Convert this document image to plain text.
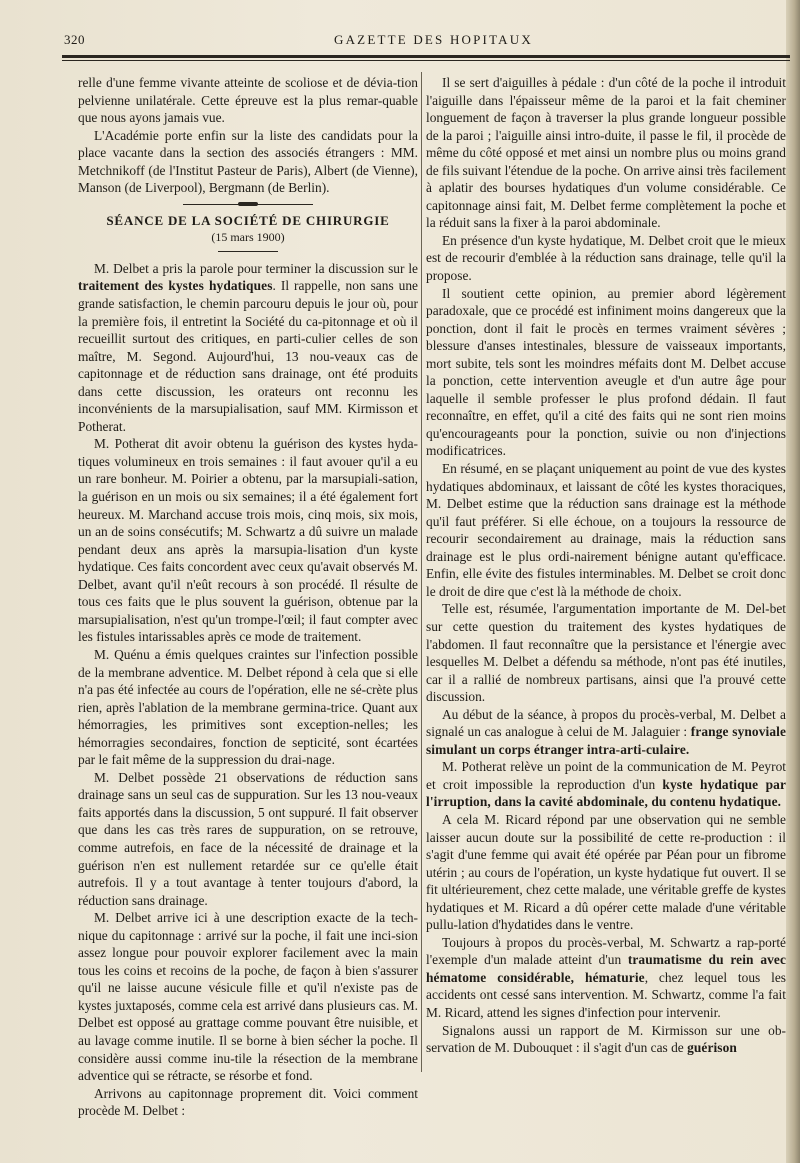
320	GAZETTE DES HOPITAUX

relle d'une femme vivante atteinte de scoliose et de dévia-tion pelvienne unilatérale. Cette épreuve est la plus remar-quable que nous ayons jamais vue.

L'Académie porte enfin sur la liste des candidats pour la place vacante dans la section des associés étrangers : MM. Metchnikoff (de l'Institut Pasteur de Paris), Albert (de Vienne), Manson (de Liverpool), Bergmann (de Berlin).

SÉANCE DE LA SOCIÉTÉ DE CHIRURGIE

(15 mars 1900)

M. Delbet a pris la parole pour terminer la discussion sur le traitement des kystes hydatiques. Il rappelle, non sans une grande satisfaction, le chemin parcouru depuis le jour où, pour la première fois, il entretint la Société du ca-pitonnage et où il recueillit surtout des critiques, en parti-culier celles de son maître, M. Segond. Aujourd'hui, 13 nou-veaux cas de capitonnage et de réduction sans drainage, ont été produits dans cette discussion, les orateurs ont reconnu les inconvénients de la marsupialisation, sauf MM. Kirmisson et Potherat.

M. Potherat dit avoir obtenu la guérison des kystes hyda-tiques volumineux en trois semaines : il faut avouer qu'il a eu un rare bonheur. M. Poirier a obtenu, par la marsupiali-sation, la guérison en un mois ou six semaines; il a été également fort heureux. M. Marchand accuse trois mois, cinq mois, six mois, un an de soins consécutifs; M. Schwartz a dû suivre un malade pendant deux ans après la marsupia-lisation d'un kyste hydatique. Ces faits concordent avec ceux qu'avait observés M. Delbet, avant qu'il n'eût recours à son procédé. Il résulte de tous ces faits que le plus souvent la guérison, obtenue par la marsupialisation, n'est qu'un trompe-l'œil; il faut compter avec les fistules intarissables après ce mode de traitement.

M. Quénu a émis quelques craintes sur l'infection possible de la membrane adventice. M. Delbet répond à cela que si elle n'a pas été infectée au cours de l'opération, elle ne sé-crète plus rien, après l'ablation de la membrane germina-trice. Quant aux hémorragies, les primitives sont exception-nelles; les hémorragies secondaires, fonction de septicité, sont écartées par le fait même de la suppression du drai-nage.

M. Delbet possède 21 observations de réduction sans drainage sans un seul cas de suppuration. Sur les 13 nou-veaux faits apportés dans la discussion, 5 ont suppuré. Il fait observer que dans les cas très rares de suppuration, on se retrouve, comme autrefois, en face de la nécessité de drainage et la guérison n'en est nullement retardée sur ce qu'elle était autrefois. Il y a tout avantage à tenter toujours d'abord, la réduction sans drainage.

M. Delbet arrive ici à une description exacte de la tech-nique du capitonnage : arrivé sur la poche, il fait une inci-sion assez longue pour pouvoir explorer facilement avec la main tous les coins et recoins de la poche, de façon à bien s'assurer qu'il ne laisse aucune vésicule fille et qu'il n'existe pas de kystes juxtaposés, comme cela est arrivé dans plusieurs cas. M. Delbet est opposé au grattage comme pouvant être nuisible, et au lavage comme inutile. Il se borne à bien sécher la poche. Il considère aussi comme inu-tile la résection de la membrane adventice qui se rétracte, se résorbe et fond.

Arrivons au capitonnage proprement dit. Voici comment procède M. Delbet :

Il se sert d'aiguilles à pédale : d'un côté de la poche il introduit l'aiguille dans l'épaisseur même de la paroi et la fait cheminer longuement de façon à traverser la plus grande longueur possible de la paroi ; l'aiguille ainsi intro-duite, il passe le fil, il procède de même du côté opposé et met ainsi un nombre plus ou moins grand de fils suivant l'étendue de la poche. On arrive ainsi très facilement à aplatir des bourses hydatiques d'un volume considérable. Ce capitonnage ainsi fait, M. Delbet ferme complètement la poche et la réduit sans la fixer à la paroi abdominale.

En présence d'un kyste hydatique, M. Delbet croit que le mieux est de recourir d'emblée à la réduction sans drainage, telle qu'il la propose.

Il soutient cette opinion, au premier abord légèrement paradoxale, que ce procédé est infiniment moins dangereux que la ponction, dont il fait le procès en termes vraiment sévères ; blessure d'anses intestinales, blessure de vaisseaux importants, mort subite, tels sont les moindres méfaits dont M. Delbet accuse la ponction, cette intervention aveugle et d'un autre âge pour laquelle il semble professer le plus profond dédain. Il faut reconnaître, en effet, qu'il a cité des faits qui ne sont rien moins qu'encourageants pour la ponction, suivie ou non d'injections modificatrices.

En résumé, en se plaçant uniquement au point de vue des kystes hydatiques abdominaux, et laissant de côté les kystes thoraciques, M. Delbet estime que la réduction sans drainage est la méthode qu'il faut préférer. Si elle échoue, on a toujours la ressource de recourir secondairement au drainage, mais la réduction sans drainage est le plus ordi-nairement bénigne autant qu'efficace. Enfin, elle évite des fistules interminables. M. Delbet se croit donc le droit de dire que c'est là la méthode de choix.

Telle est, résumée, l'argumentation importante de M. Del-bet sur cette question du traitement des kystes hydatiques de l'abdomen. Il faut reconnaître que la persistance et l'énergie avec lesquelles M. Delbet a défendu sa méthode, n'ont pas été inutiles, car il a rallié de nombreux partisans, ainsi que l'a prouvé cette discussion.

Au début de la séance, à propos du procès-verbal, M. Delbet a signalé un cas analogue à celui de M. Jalaguier : frange synoviale simulant un corps étranger intra-arti-culaire.

M. Potherat relève un point de la communication de M. Peyrot et croit impossible la reproduction d'un kyste hydatique par l'irruption, dans la cavité abdominale, du contenu hydatique.

A cela M. Ricard répond par une observation qui ne semble laisser aucun doute sur la possibilité de cette re-production : il s'agit d'une femme qui avait été opérée par Péan pour un fibrome utérin ; au cours de l'opération, un kyste hydatique fut ouvert. Il se fit ultérieurement, chez cette malade, une véritable greffe de kystes hydatiques et M. Ricard a dû opérer cette malade d'une véritable pullu-lation d'hydatides dans le ventre.

Toujours à propos du procès-verbal, M. Schwartz a rap-porté l'exemple d'un malade atteint d'un traumatisme du rein avec hématome considérable, hématurie, chez lequel tous les accidents ont cessé sans intervention. M. Schwartz, comme l'a fait M. Ricard, attend les signes d'infection pour intervenir.

Signalons aussi un rapport de M. Kirmisson sur une ob-servation de M. Dubouquet : il s'agit d'un cas de guérison
